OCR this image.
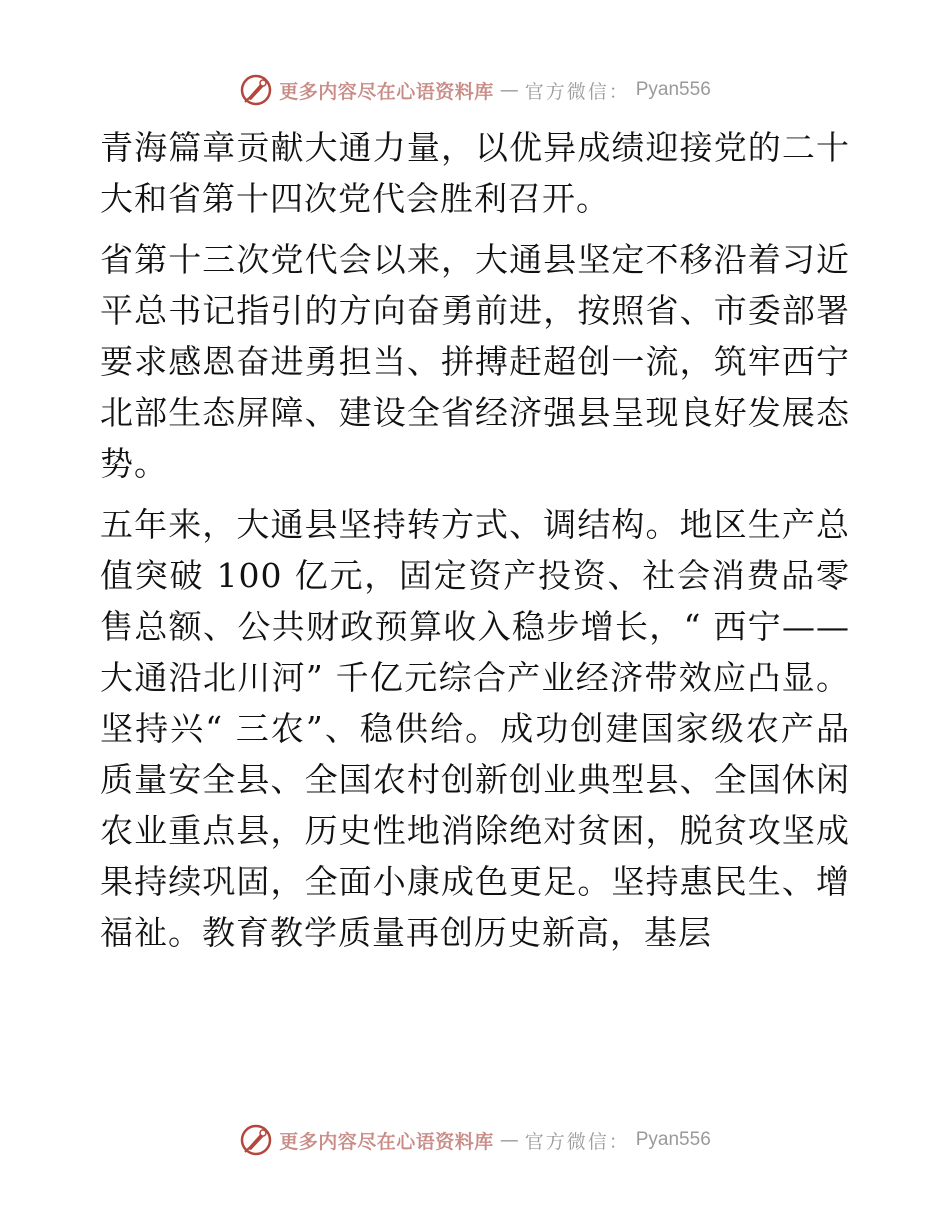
更多内容尽在心语资料库 — 官方微信： Pyan556

青海篇章贡献大通力量，以优异成绩迎接党的二十大和省第十四次党代会胜利召开。

省第十三次党代会以来，大通县坚定不移沿着习近平总书记指引的方向奋勇前进，按照省、市委部署要求感恩奋进勇担当、拼搏赶超创一流，筑牢西宁北部生态屏障、建设全省经济强县呈现良好发展态势。

五年来，大通县坚持转方式、调结构。地区生产总值突破 100 亿元，固定资产投资、社会消费品零售总额、公共财政预算收入稳步增长，“ 西宁——大通沿北川河” 千亿元综合产业经济带效应凸显。坚持兴“ 三农”、稳供给。成功创建国家级农产品质量安全县、全国农村创新创业典型县、全国休闲农业重点县，历史性地消除绝对贫困，脱贫攻坚成果持续巩固，全面小康成色更足。坚持惠民生、增福祉。教育教学质量再创历史新高，基层

更多内容尽在心语资料库 — 官方微信： Pyan556
